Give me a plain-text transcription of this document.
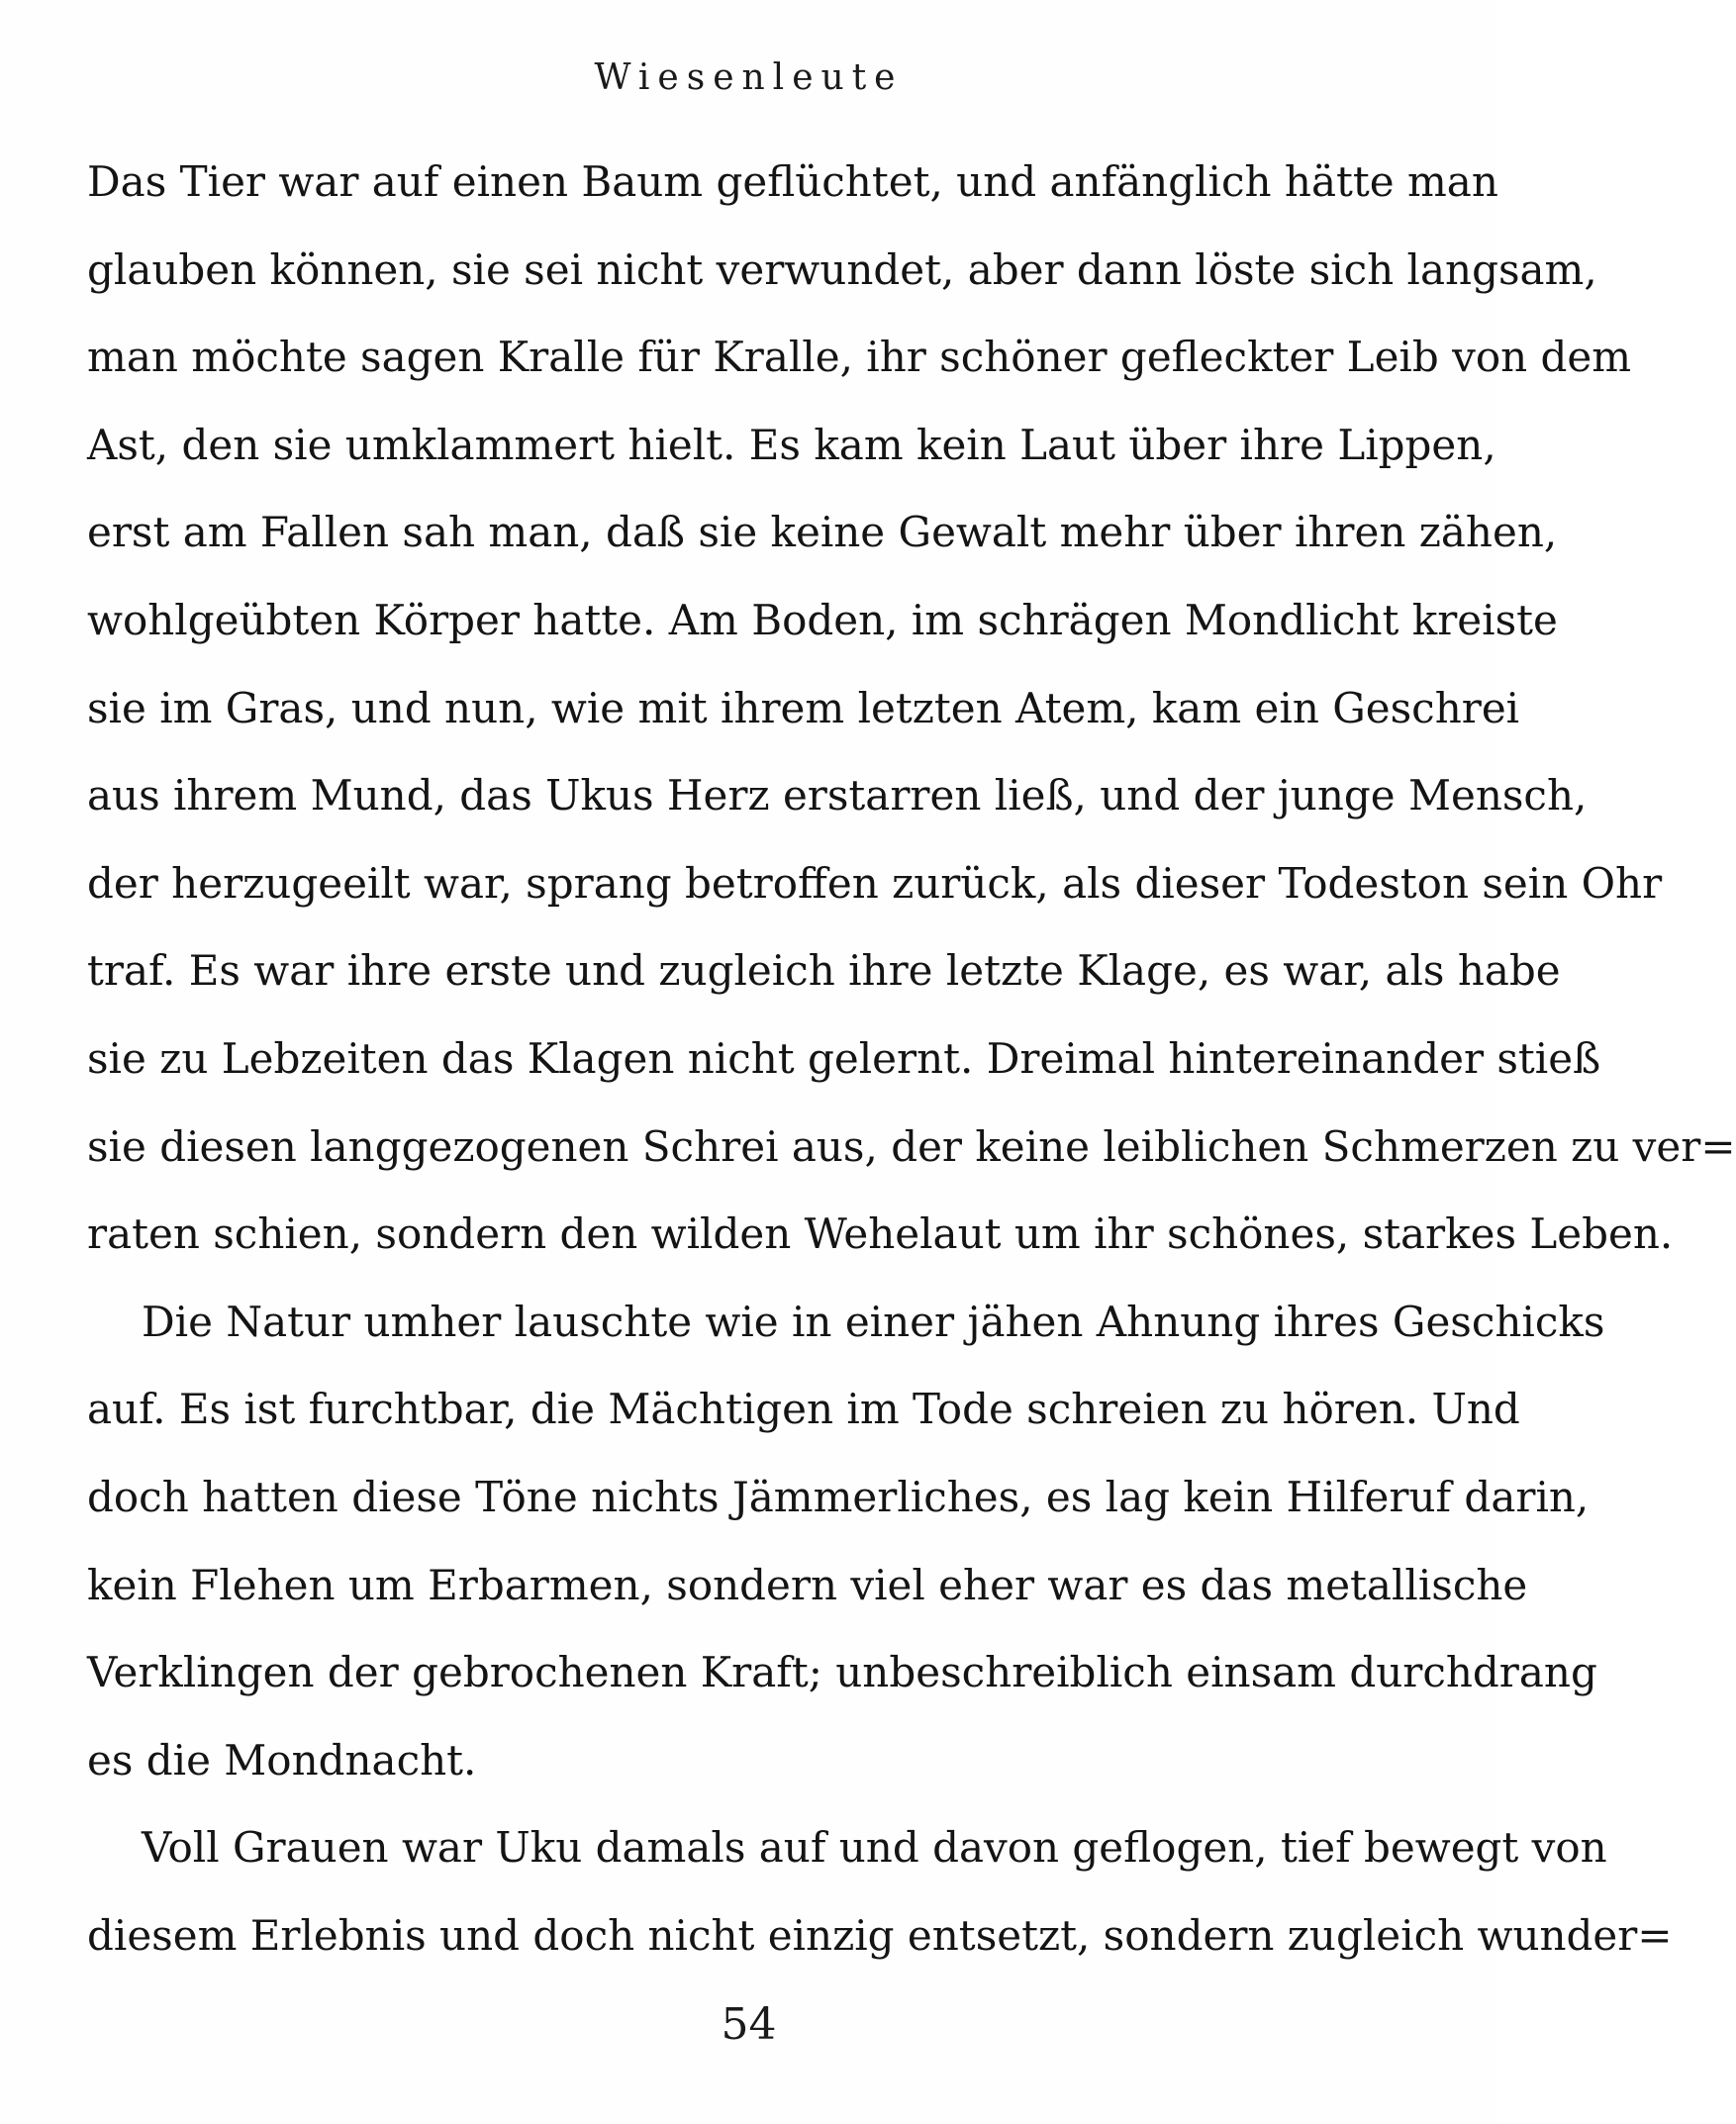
Wiesenleute
Das Tier war auf einen Baum geflüchtet, und anfänglich hätte man
glauben können, sie sei nicht verwundet, aber dann löste sich langsam,
man möchte sagen Kralle für Kralle, ihr schöner gefleckter Leib von dem
Ast, den sie umklammert hielt. Es kam kein Laut über ihre Lippen,
erst am Fallen sah man, daß sie keine Gewalt mehr über ihren zähen,
wohlgeübten Körper hatte. Am Boden, im schrägen Mondlicht kreiste
sie im Gras, und nun, wie mit ihrem letzten Atem, kam ein Geschrei
aus ihrem Mund, das Ukus Herz erstarren ließ, und der junge Mensch,
der herzugeeilt war, sprang betroffen zurück, als dieser Todeston sein Ohr
traf. Es war ihre erste und zugleich ihre letzte Klage, es war, als habe
sie zu Lebzeiten das Klagen nicht gelernt. Dreimal hintereinander stieß
sie diesen langgezogenen Schrei aus, der keine leiblichen Schmerzen zu ver=
raten schien, sondern den wilden Wehelaut um ihr schönes, starkes Leben.
Die Natur umher lauschte wie in einer jähen Ahnung ihres Geschicks
auf. Es ist furchtbar, die Mächtigen im Tode schreien zu hören. Und
doch hatten diese Töne nichts Jämmerliches, es lag kein Hilferuf darin,
kein Flehen um Erbarmen, sondern viel eher war es das metallische
Verklingen der gebrochenen Kraft; unbeschreiblich einsam durchdrang
es die Mondnacht.
Voll Grauen war Uku damals auf und davon geflogen, tief bewegt von
diesem Erlebnis und doch nicht einzig entsetzt, sondern zugleich wunder=
54
